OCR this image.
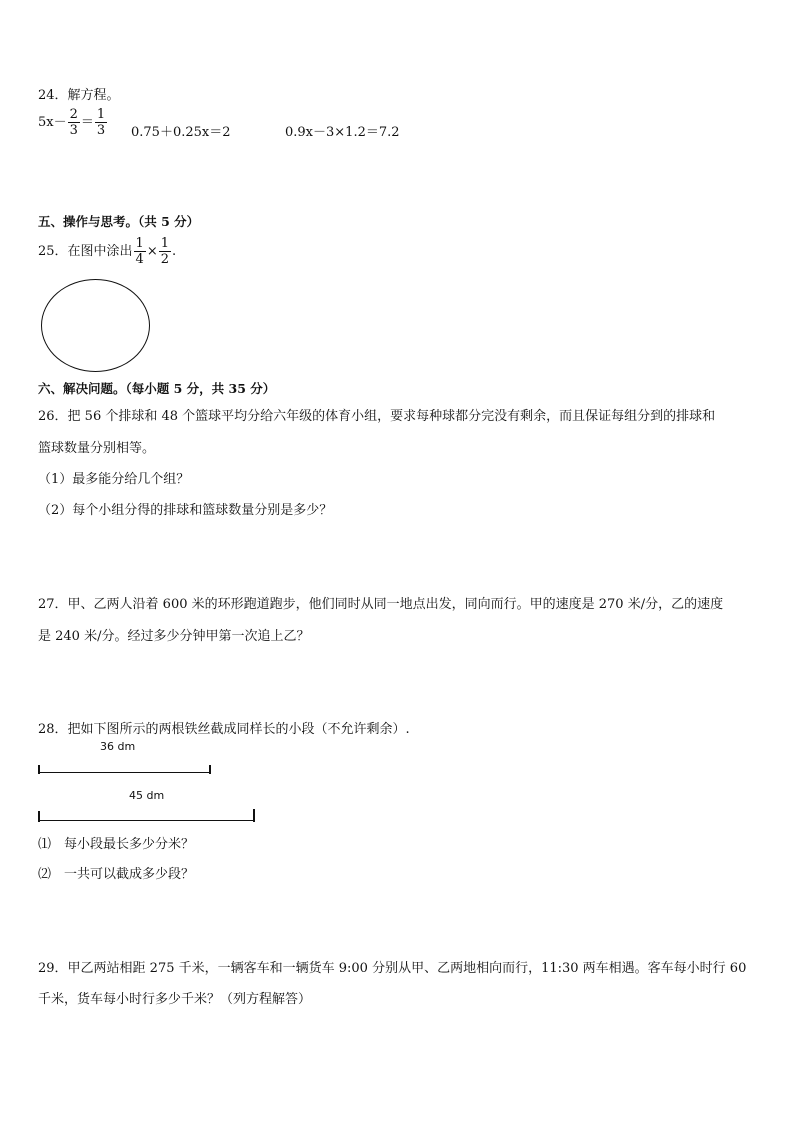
24．解方程。
$5x- \frac{2}{3} = \frac{1}{3} 0.75+0.25x=2$	0.9x－3×1.2＝7.2
五、操作与思考。（共 5 分）
25．在图中涂出 $\frac{1}{4} \times \frac{1}{2}$ .
六、解决问题。（每小题 5 分，共 35 分）
26．把 56 个排球和 48 个篮球平均分给六年级的体育小组，要求每种球都分完没有剩余，而且保证每组分到的排球和
篮球数量分别相等。
（1）最多能分给几个组？
（2）每个小组分得的排球和篮球数量分别是多少？
27．甲、乙两人沿着 600 米的环形跑道跑步，他们同时从同一地点出发，同向而行。甲的速度是 270 米/分，乙的速度
是 240 米/分。经过多少分钟甲第一次追上乙？
28．把如下图所示的两根铁丝截成同样长的小段（不允许剩余）.
36 dm
45 dm
⑴　每小段最长多少分米？
⑵　一共可以截成多少段？
29．甲乙两站相距 275 千米，一辆客车和一辆货车 9:00 分别从甲、乙两地相向而行，11:30 两车相遇。客车每小时行 60
千米，货车每小时行多少千米？（列方程解答）
